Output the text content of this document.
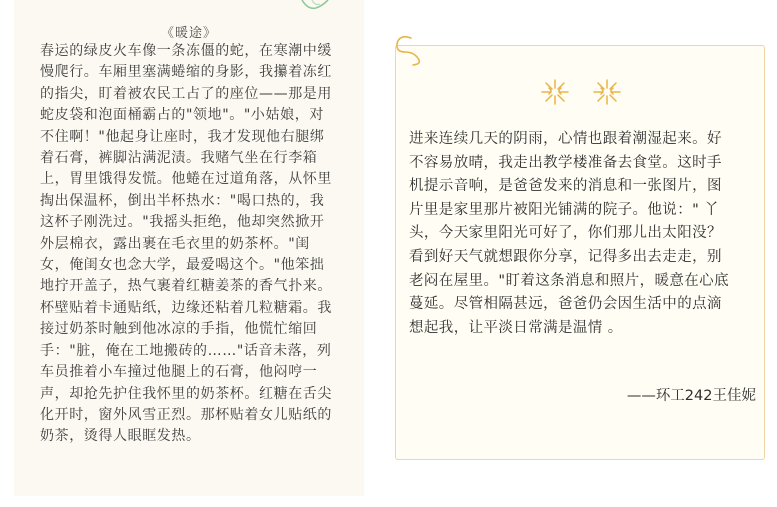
《暖途》
春运的绿皮火车像一条冻僵的蛇，在寒潮中缓
慢爬行。车厢里塞满蜷缩的身影，我攥着冻红
的指尖，盯着被农民工占了的座位——那是用
蛇皮袋和泡面桶霸占的"领地"。"小姑娘，对
不住啊！"他起身让座时，我才发现他右腿绑
着石膏，裤脚沾满泥渍。我赌气坐在行李箱
上，胃里饿得发慌。他蜷在过道角落，从怀里
掏出保温杯，倒出半杯热水："喝口热的，我
这杯子刚洗过。"我摇头拒绝，他却突然掀开
外层棉衣，露出裹在毛衣里的奶茶杯。"闺
女，俺闺女也念大学，最爱喝这个。"他笨拙
地拧开盖子，热气裹着红糖姜茶的香气扑来。
杯壁贴着卡通贴纸，边缘还粘着几粒糖霜。我
接过奶茶时触到他冰凉的手指，他慌忙缩回
手："脏，俺在工地搬砖的……"话音未落，列
车员推着小车撞过他腿上的石膏，他闷哼一
声，却抢先护住我怀里的奶茶杯。红糖在舌尖
化开时，窗外风雪正烈。那杯贴着女儿贴纸的
奶茶，烫得人眼眶发热。
进来连续几天的阴雨，心情也跟着潮湿起来。好
不容易放晴，我走出教学楼准备去食堂。这时手
机提示音响，是爸爸发来的消息和一张图片，图
片里是家里那片被阳光铺满的院子。他说：" 丫
头，今天家里阳光可好了，你们那儿出太阳没？
看到好天气就想跟你分享，记得多出去走走，别
老闷在屋里。"盯着这条消息和照片，暖意在心底
蔓延。尽管相隔甚远，爸爸仍会因生活中的点滴
想起我，让平淡日常满是温情 。
——环工242王佳妮
